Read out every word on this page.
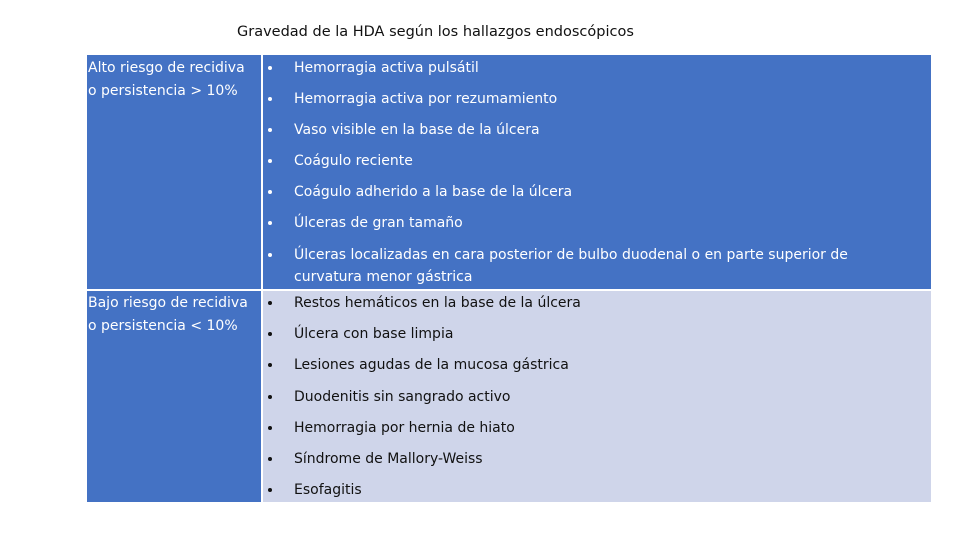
Gravedad de la HDA según los hallazgos endoscópicos
Alto riesgo de recidiva
o persistencia > 10%
Hemorragia activa pulsátil
Hemorragia activa por rezumamiento
Vaso visible en la base de la úlcera
Coágulo reciente
Coágulo adherido a la base de la úlcera
Úlceras de gran tamaño
Úlceras localizadas en cara posterior de bulbo duodenal o en parte superior de curvatura menor gástrica
Bajo riesgo de recidiva
o persistencia < 10%
Restos hemáticos en la base de la úlcera
Úlcera con base limpia
Lesiones agudas de la mucosa gástrica
Duodenitis sin sangrado activo
Hemorragia por hernia de hiato
Síndrome de Mallory-Weiss
Esofagitis
